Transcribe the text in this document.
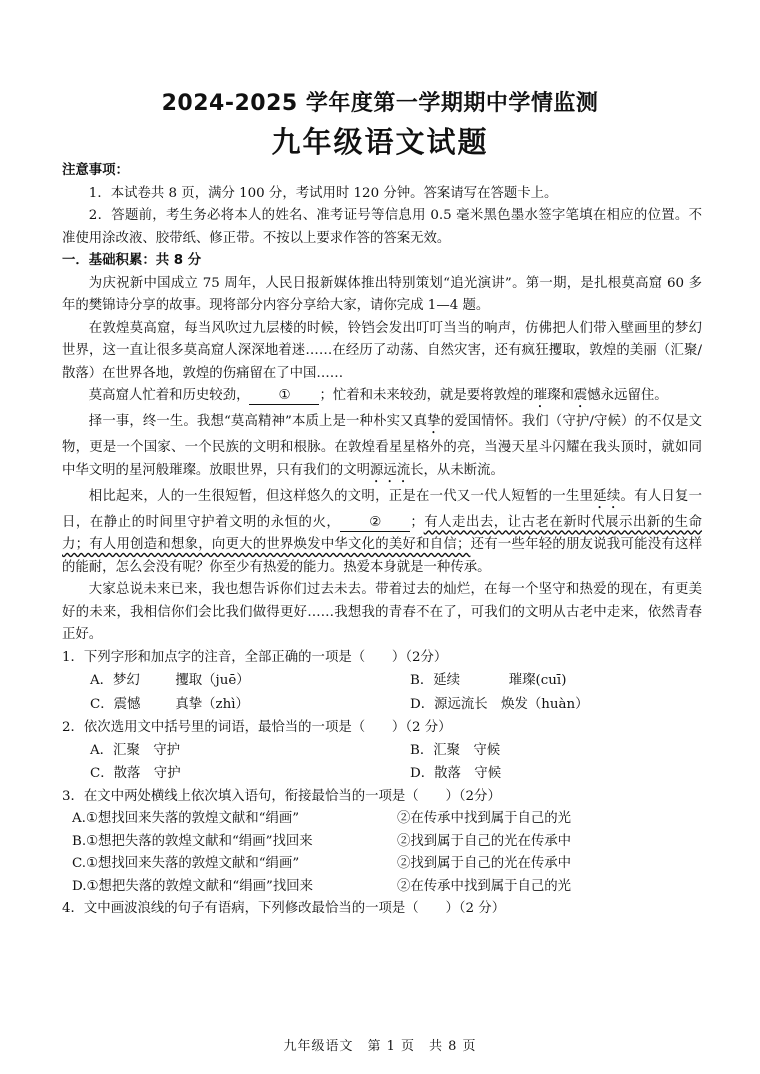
2024-2025 学年度第一学期期中学情监测
九年级语文试题
注意事项：

1．本试卷共 8 页，满分 100 分，考试用时 120 分钟。答案请写在答题卡上。

2．答题前，考生务必将本人的姓名、准考证号等信息用 0.5 毫米黑色墨水签字笔填在相应的位置。不准使用涂改液、胶带纸、修正带。不按以上要求作答的答案无效。

一．基础积累：共 8 分

为庆祝新中国成立 75 周年，人民日报新媒体推出特别策划“追光演讲”。第一期，是扎根莫高窟 60 多年的樊锦诗分享的故事。现将部分内容分享给大家，请你完成 1—4 题。

在敦煌莫高窟，每当风吹过九层楼的时候，铃铛会发出叮叮当当的响声，仿佛把人们带入壁画里的梦幻世界，这一直让很多莫高窟人深深地着迷……在经历了动荡、自然灾害，还有疯狂攫取，敦煌的美丽（汇聚/散落）在世界各地，敦煌的伤痛留在了中国……

莫高窟人忙着和历史较劲， ① ；忙着和未来较劲，就是要将敦煌的璀璨和震憾永远留住。

择一事，终一生。我想“莫高精神”本质上是一种朴实又真挚的爱国情怀。我们（守护/守候）的不仅是文物，更是一个国家、一个民族的文明和根脉。在敦煌看星星格外的亮，当漫天星斗闪耀在我头顶时，就如同中华文明的星河般璀璨。放眼世界，只有我们的文明源远流长，从未断流。

相比起来，人的一生很短暂，但这样悠久的文明，正是在一代又一代人短暂的一生里延续。有人日复一日，在静止的时间里守护着文明的永恒的火， ② ；有人走出去，让古老在新时代展示出新的生命力；有人用创造和想象，向更大的世界焕发中华文化的美好和自信；还有一些年轻的朋友说我可能没有这样的能耐，怎么会没有呢？你至少有热爱的能力。热爱本身就是一种传承。

大家总说未来已来，我也想告诉你们过去未去。带着过去的灿烂，在每一个坚守和热爱的现在，有更美好的未来，我相信你们会比我们做得更好……我想我的青春不在了，可我们的文明从古老中走来，依然青春正好。

1．下列字形和加点字的注音，全部正确的一项是（　　）（2分）
A．梦幻　	攫取（juē）	B．延续　　	璀璨(cuī)
C．震憾　	真挚（zhì）	D．源远流长　 焕发（huàn）
2．依次选用文中括号里的词语，最恰当的一项是（　　）（2 分）
A．汇聚　守护	B．汇聚　守候
C．散落　守护	D．散落　守候
3．在文中两处横线上依次填入语句，衔接最恰当的一项是（　　）（2分）
A.①想找回来失落的敦煌文献和“绢画”	②在传承中找到属于自己的光
B.①想把失落的敦煌文献和“绢画”找回来	②找到属于自己的光在传承中
C.①想找回来失落的敦煌文献和“绢画”	②找到属于自己的光在传承中
D.①想把失落的敦煌文献和“绢画”找回来	②在传承中找到属于自己的光
4．文中画波浪线的句子有语病，下列修改最恰当的一项是（　　）（2 分）
九年级语文　第 1 页　共 8 页
